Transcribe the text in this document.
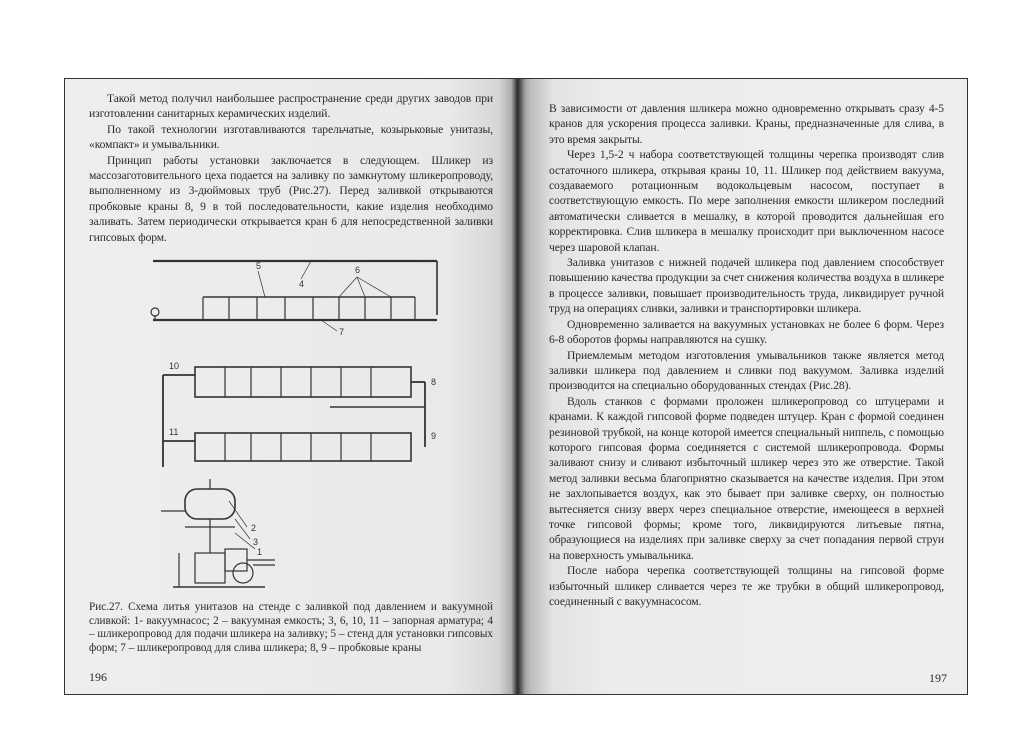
Такой метод получил наибольшее распространение среди других заводов при изготовлении санитарных керамических изделий.

По такой технологии изготавливаются тарельчатые, козырьковые унитазы, «компакт» и умывальники.

Принцип работы установки заключается в следующем. Шликер из массозаготовительного цеха подается на заливку по замкнутому шликеропроводу, выполненному из 3-дюймовых труб (Рис.27). Перед заливкой открываются пробковые краны 8, 9 в той последовательности, какие изделия необходимо заливать. Затем периодически открывается кран 6 для непосредственной заливки гипсовых форм.

5
4
6
7
10
8
11	9
1
2
3
Рис.27. Схема литья унитазов на стенде с заливкой под давлением и вакуумной сливкой: 1- вакуумнасос; 2 – вакуумная емкость; 3, 6, 10, 11 – запорная арматура; 4 – шликеропровод для подачи шликера на заливку; 5 – стенд для установки гипсовых форм; 7 – шликеропровод для слива шликера; 8, 9 – пробковые краны
196

В зависимости от давления шликера можно одновременно открывать сразу 4-5 кранов для ускорения процесса заливки. Краны, предназначенные для слива, в это время закрыты.

Через 1,5-2 ч набора соответствующей толщины черепка производят слив остаточного шликера, открывая краны 10, 11. Шликер под действием вакуума, создаваемого ротационным водокольцевым насосом, поступает в соответствующую емкость. По мере заполнения емкости шликером последний автоматически сливается в мешалку, в которой проводится дальнейшая его корректировка. Слив шликера в мешалку происходит при выключенном насосе через шаровой клапан.

Заливка унитазов с нижней подачей шликера под давлением способствует повышению качества продукции за счет снижения количества воздуха в шликере в процессе заливки, повышает производительность труда, ликвидирует ручной труд на операциях сливки, заливки и транспортировки шликера.

Одновременно заливается на вакуумных установках не более 6 форм. Через 6-8 оборотов формы направляются на сушку.

Приемлемым методом изготовления умывальников также является метод заливки шликера под давлением и сливки под вакуумом. Заливка изделий производится на специально оборудованных стендах (Рис.28).

Вдоль станков с формами проложен шликеропровод со штуцерами и кранами. К каждой гипсовой форме подведен штуцер. Кран с формой соединен резиновой трубкой, на конце которой имеется специальный ниппель, с помощью которого гипсовая форма соединяется с системой шликеропровода. Формы заливают снизу и сливают избыточный шликер через это же отверстие. Такой метод заливки весьма благоприятно сказывается на качестве изделия. При этом не захлопывается воздух, как это бывает при заливке сверху, он полностью вытесняется снизу вверх через специальное отверстие, имеющееся в верхней точке гипсовой формы; кроме того, ликвидируются литьевые пятна, образующиеся на изделиях при заливке сверху за счет попадания первой струи на поверхность умывальника.

После набора черепка соответствующей толщины на гипсовой форме избыточный шликер сливается через те же трубки в общий шликеропровод, соединенный с вакуумнасосом.

197
